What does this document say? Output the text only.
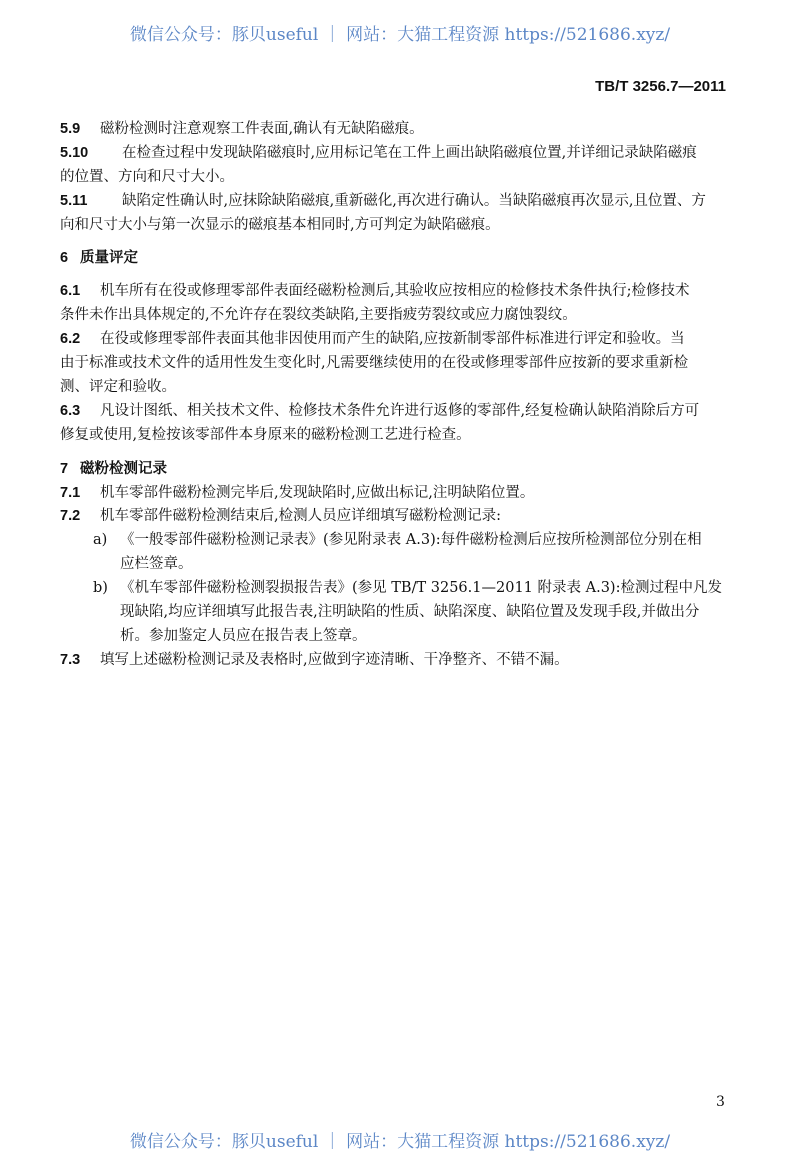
微信公众号：豚贝useful ｜ 网站：大猫工程资源 https://521686.xyz/
TB/T 3256.7—2011
5.9 磁粉检测时注意观察工件表面,确认有无缺陷磁痕。
5.10 在检查过程中发现缺陷磁痕时,应用标记笔在工件上画出缺陷磁痕位置,并详细记录缺陷磁痕
的位置、方向和尺寸大小。
5.11 缺陷定性确认时,应抹除缺陷磁痕,重新磁化,再次进行确认。当缺陷磁痕再次显示,且位置、方
向和尺寸大小与第一次显示的磁痕基本相同时,方可判定为缺陷磁痕。
6 质量评定
6.1 机车所有在役或修理零部件表面经磁粉检测后,其验收应按相应的检修技术条件执行;检修技术
条件未作出具体规定的,不允许存在裂纹类缺陷,主要指疲劳裂纹或应力腐蚀裂纹。
6.2 在役或修理零部件表面其他非因使用而产生的缺陷,应按新制零部件标准进行评定和验收。当
由于标准或技术文件的适用性发生变化时,凡需要继续使用的在役或修理零部件应按新的要求重新检
测、评定和验收。
6.3 凡设计图纸、相关技术文件、检修技术条件允许进行返修的零部件,经复检确认缺陷消除后方可
修复或使用,复检按该零部件本身原来的磁粉检测工艺进行检查。
7 磁粉检测记录
7.1 机车零部件磁粉检测完毕后,发现缺陷时,应做出标记,注明缺陷位置。
7.2 机车零部件磁粉检测结束后,检测人员应详细填写磁粉检测记录:
a) 《一般零部件磁粉检测记录表》(参见附录表 A.3):每件磁粉检测后应按所检测部位分别在相
应栏签章。
b) 《机车零部件磁粉检测裂损报告表》(参见 TB/T 3256.1—2011 附录表 A.3):检测过程中凡发
现缺陷,均应详细填写此报告表,注明缺陷的性质、缺陷深度、缺陷位置及发现手段,并做出分
析。参加鉴定人员应在报告表上签章。
7.3 填写上述磁粉检测记录及表格时,应做到字迹清晰、干净整齐、不错不漏。
3
微信公众号：豚贝useful ｜ 网站：大猫工程资源 https://521686.xyz/
